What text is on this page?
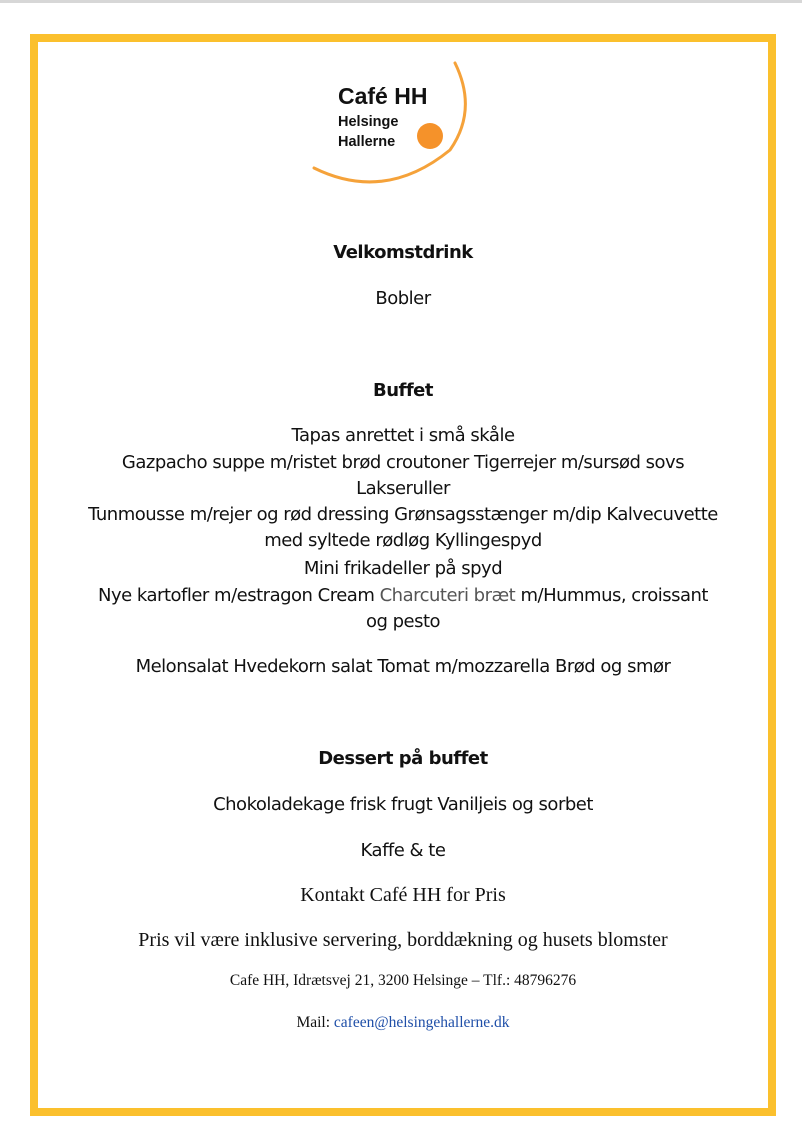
Café HH
Helsinge
Hallerne
Velkomstdrink
Bobler
Buffet
Tapas anrettet i små skåle
Gazpacho suppe m/ristet brød croutoner Tigerrejer m/sursød sovs
Lakseruller
Tunmousse m/rejer og rød dressing Grønsagsstænger m/dip Kalvecuvette
med syltede rødløg Kyllingespyd
Mini frikadeller på spyd
Nye kartofler m/estragon Cream Charcuteri bræt m/Hummus, croissant
og pesto
Melonsalat Hvedekorn salat Tomat m/mozzarella Brød og smør
Dessert på buffet
Chokoladekage frisk frugt Vaniljeis og sorbet
Kaffe & te
Kontakt Café HH for Pris
Pris vil være inklusive servering, borddækning og husets blomster
Cafe HH, Idrætsvej 21, 3200 Helsinge – Tlf.: 48796276
Mail: cafeen@helsingehallerne.dk
